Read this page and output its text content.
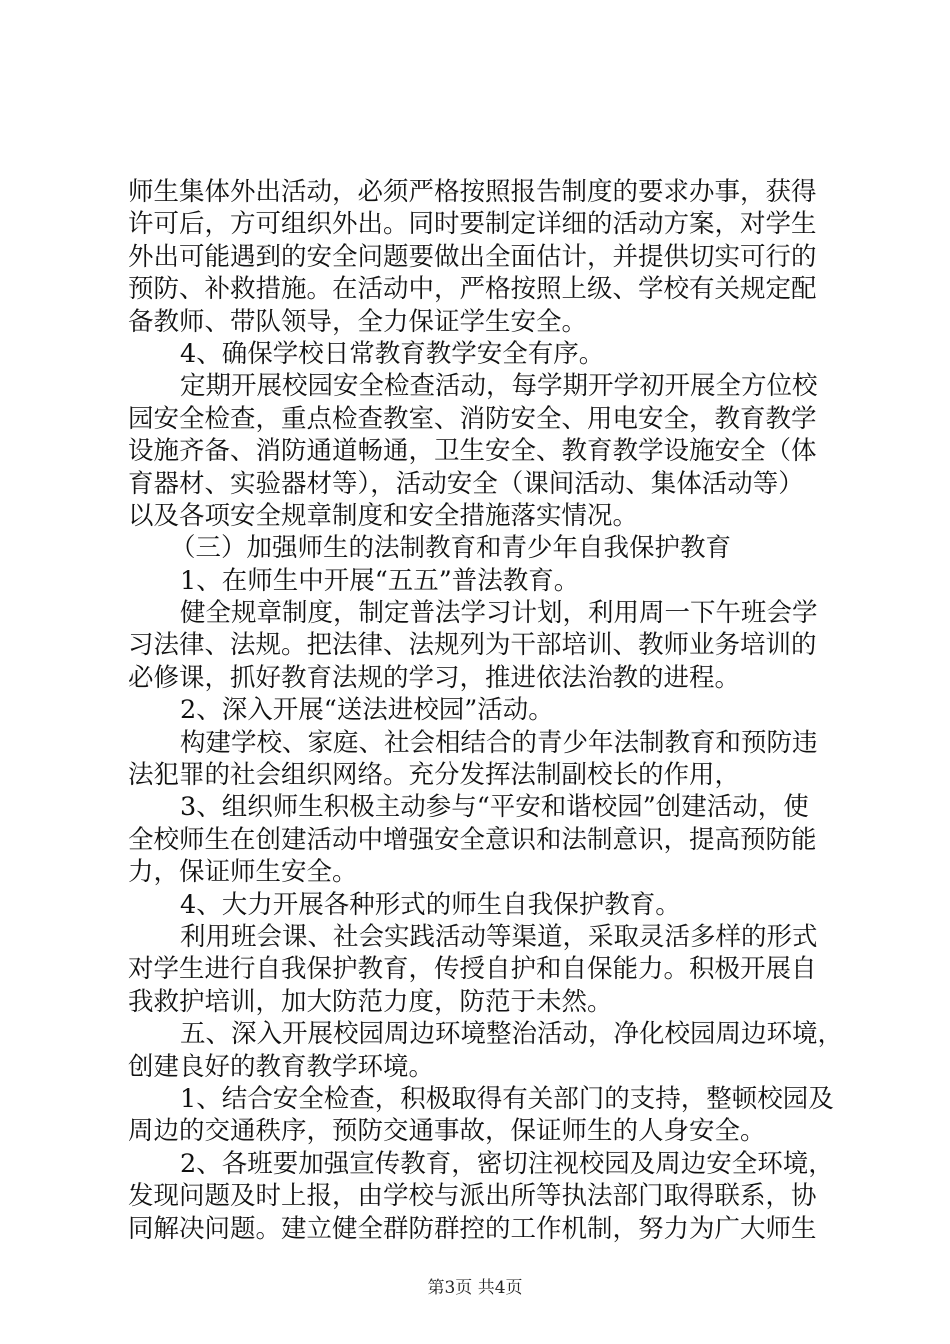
师生集体外出活动，必须严格按照报告制度的要求办事，获得
许可后，方可组织外出。同时要制定详细的活动方案，对学生
外出可能遇到的安全问题要做出全面估计，并提供切实可行的
预防、补救措施。在活动中，严格按照上级、学校有关规定配
备教师、带队领导，全力保证学生安全。
4、确保学校日常教育教学安全有序。
定期开展校园安全检查活动，每学期开学初开展全方位校
园安全检查，重点检查教室、消防安全、用电安全，教育教学
设施齐备、消防通道畅通，卫生安全、教育教学设施安全（体
育器材、实验器材等），活动安全（课间活动、集体活动等）
以及各项安全规章制度和安全措施落实情况。
（三）加强师生的法制教育和青少年自我保护教育
1、在师生中开展“五五”普法教育。
健全规章制度，制定普法学习计划，利用周一下午班会学
习法律、法规。把法律、法规列为干部培训、教师业务培训的
必修课，抓好教育法规的学习，推进依法治教的进程。
2、深入开展“送法进校园”活动。
构建学校、家庭、社会相结合的青少年法制教育和预防违
法犯罪的社会组织网络。充分发挥法制副校长的作用，
3、组织师生积极主动参与“平安和谐校园”创建活动，使
全校师生在创建活动中增强安全意识和法制意识，提高预防能
力，保证师生安全。
4、大力开展各种形式的师生自我保护教育。
利用班会课、社会实践活动等渠道，采取灵活多样的形式
对学生进行自我保护教育，传授自护和自保能力。积极开展自
我救护培训，加大防范力度，防范于未然。
五、深入开展校园周边环境整治活动，净化校园周边环境，
创建良好的教育教学环境。
1、结合安全检查，积极取得有关部门的支持，整顿校园及
周边的交通秩序，预防交通事故，保证师生的人身安全。
2、各班要加强宣传教育，密切注视校园及周边安全环境，
发现问题及时上报，由学校与派出所等执法部门取得联系，协
同解决问题。建立健全群防群控的工作机制，努力为广大师生
第3页 共4页
